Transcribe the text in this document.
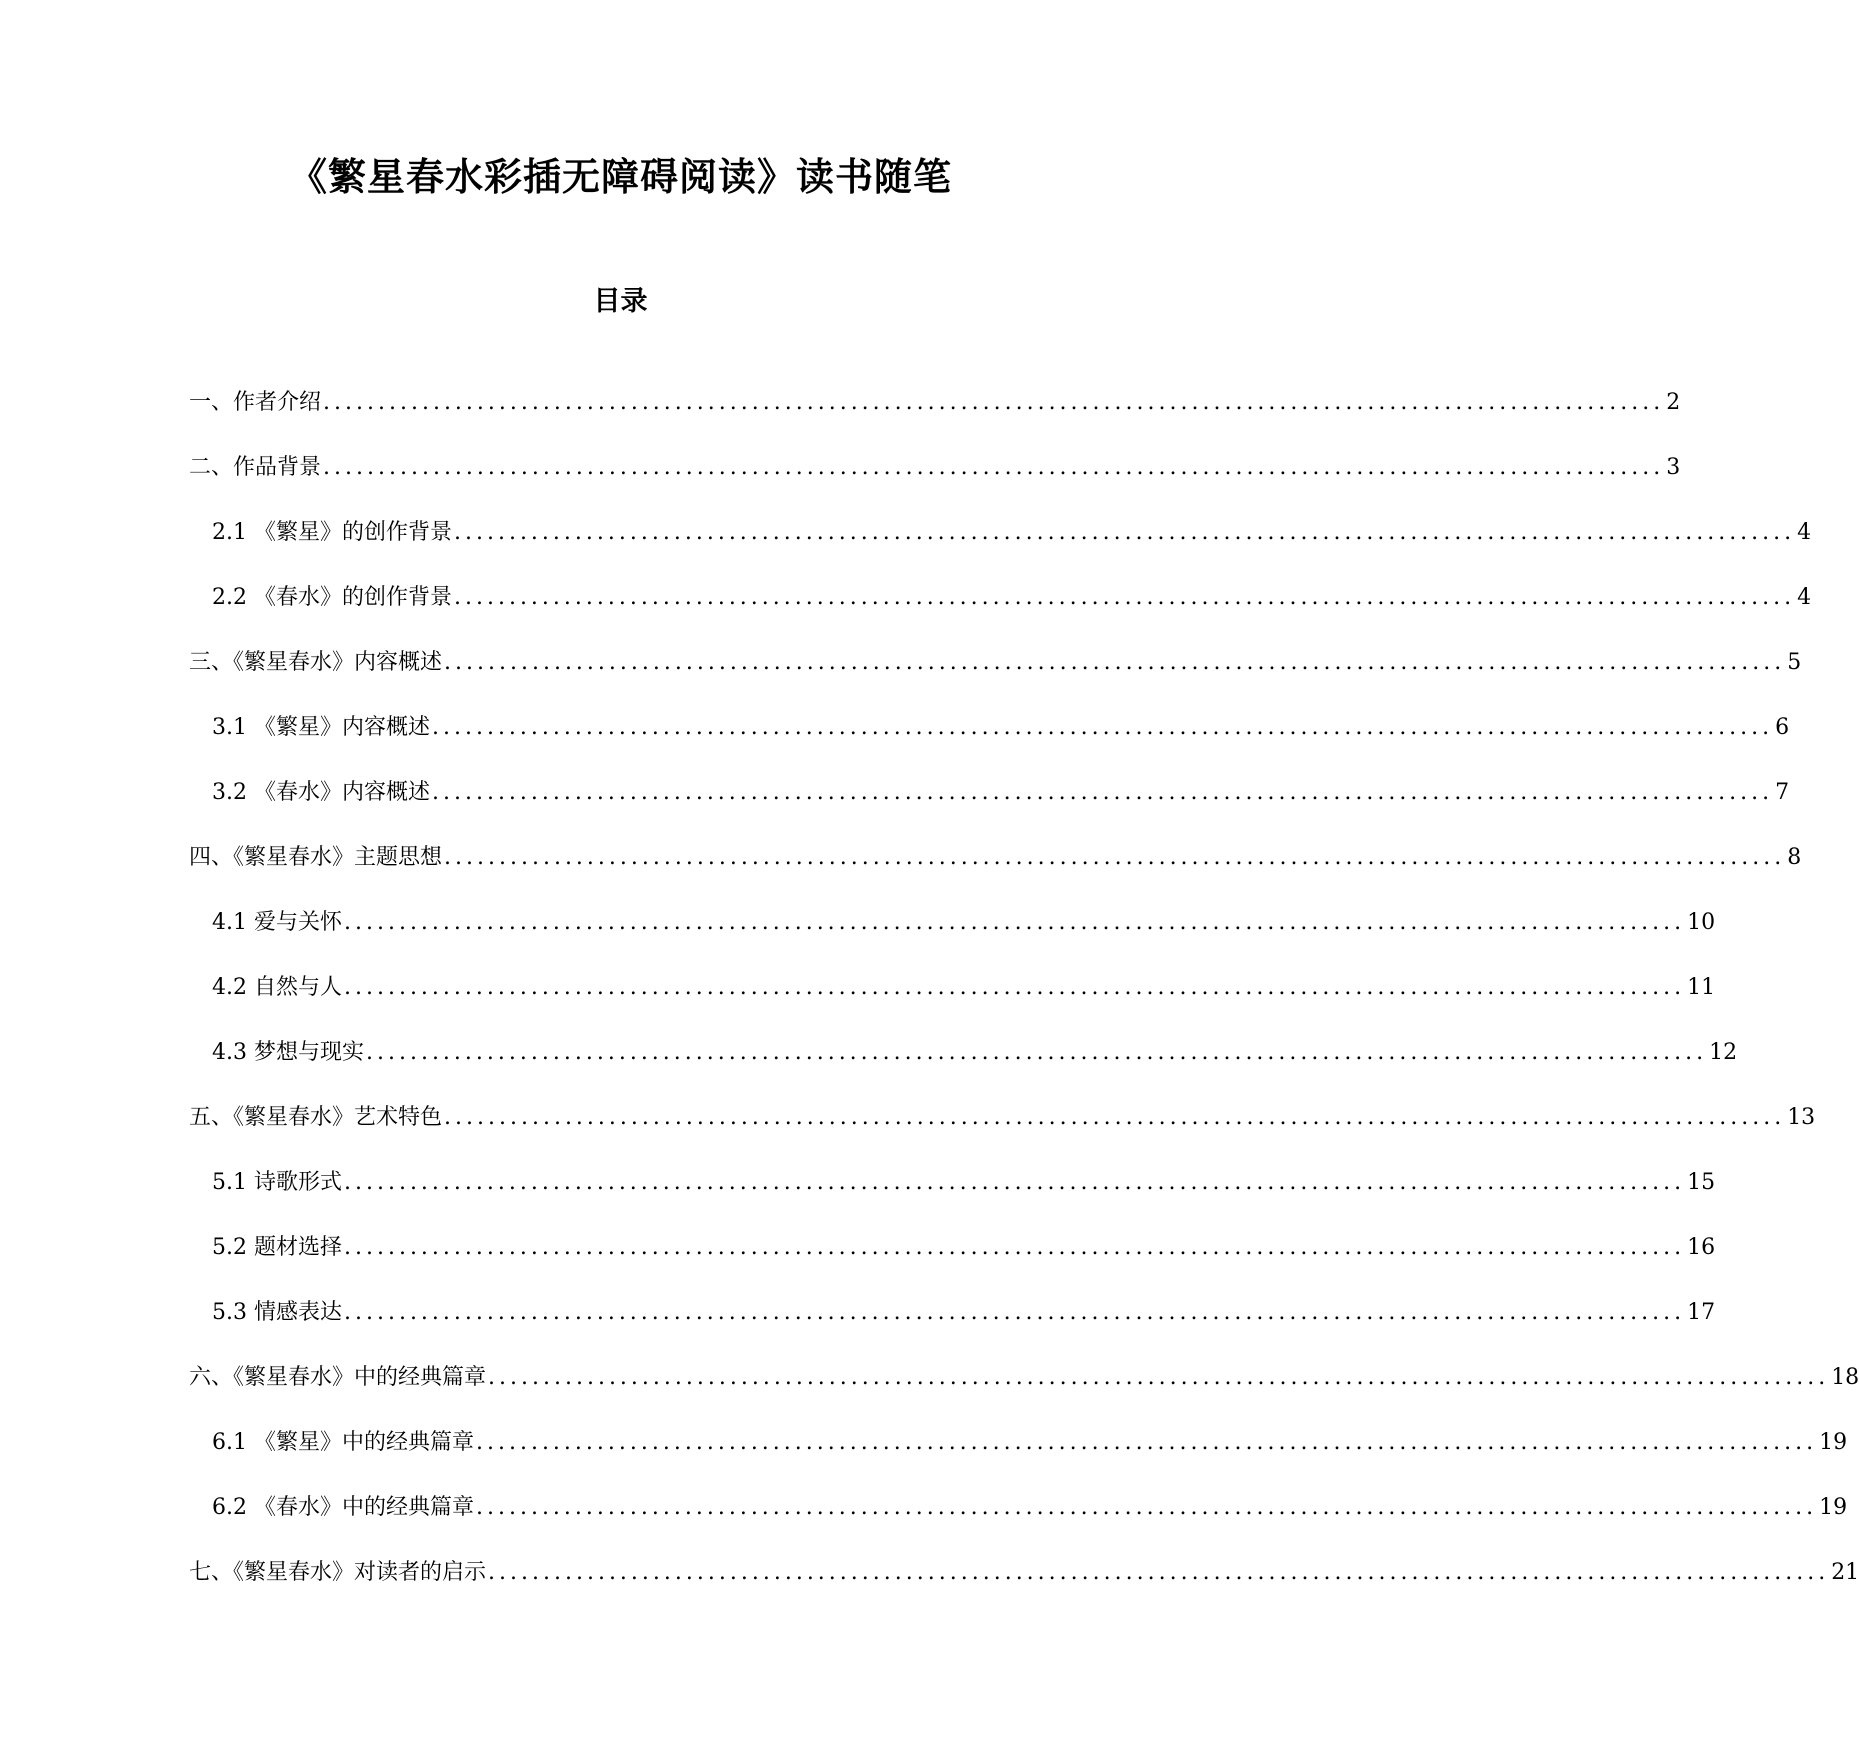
《繁星春水彩插无障碍阅读》读书随笔
目录
一、作者介绍 .......................................................................................................................... 2
二、作品背景 .......................................................................................................................... 3
2.1 《繁星》的创作背景 .......................................................................................................................... 4
2.2 《春水》的创作背景 .......................................................................................................................... 4
三、《繁星春水》内容概述 .......................................................................................................................... 5
3.1 《繁星》内容概述 .......................................................................................................................... 6
3.2 《春水》内容概述 .......................................................................................................................... 7
四、《繁星春水》主题思想 .......................................................................................................................... 8
4.1 爱与关怀 .......................................................................................................................... 10
4.2 自然与人 .......................................................................................................................... 11
4.3 梦想与现实 .......................................................................................................................... 12
五、《繁星春水》艺术特色 .......................................................................................................................... 13
5.1 诗歌形式 .......................................................................................................................... 15
5.2 题材选择 .......................................................................................................................... 16
5.3 情感表达 .......................................................................................................................... 17
六、《繁星春水》中的经典篇章 .......................................................................................................................... 18
6.1 《繁星》中的经典篇章 .......................................................................................................................... 19
6.2 《春水》中的经典篇章 .......................................................................................................................... 19
七、《繁星春水》对读者的启示 .......................................................................................................................... 21
